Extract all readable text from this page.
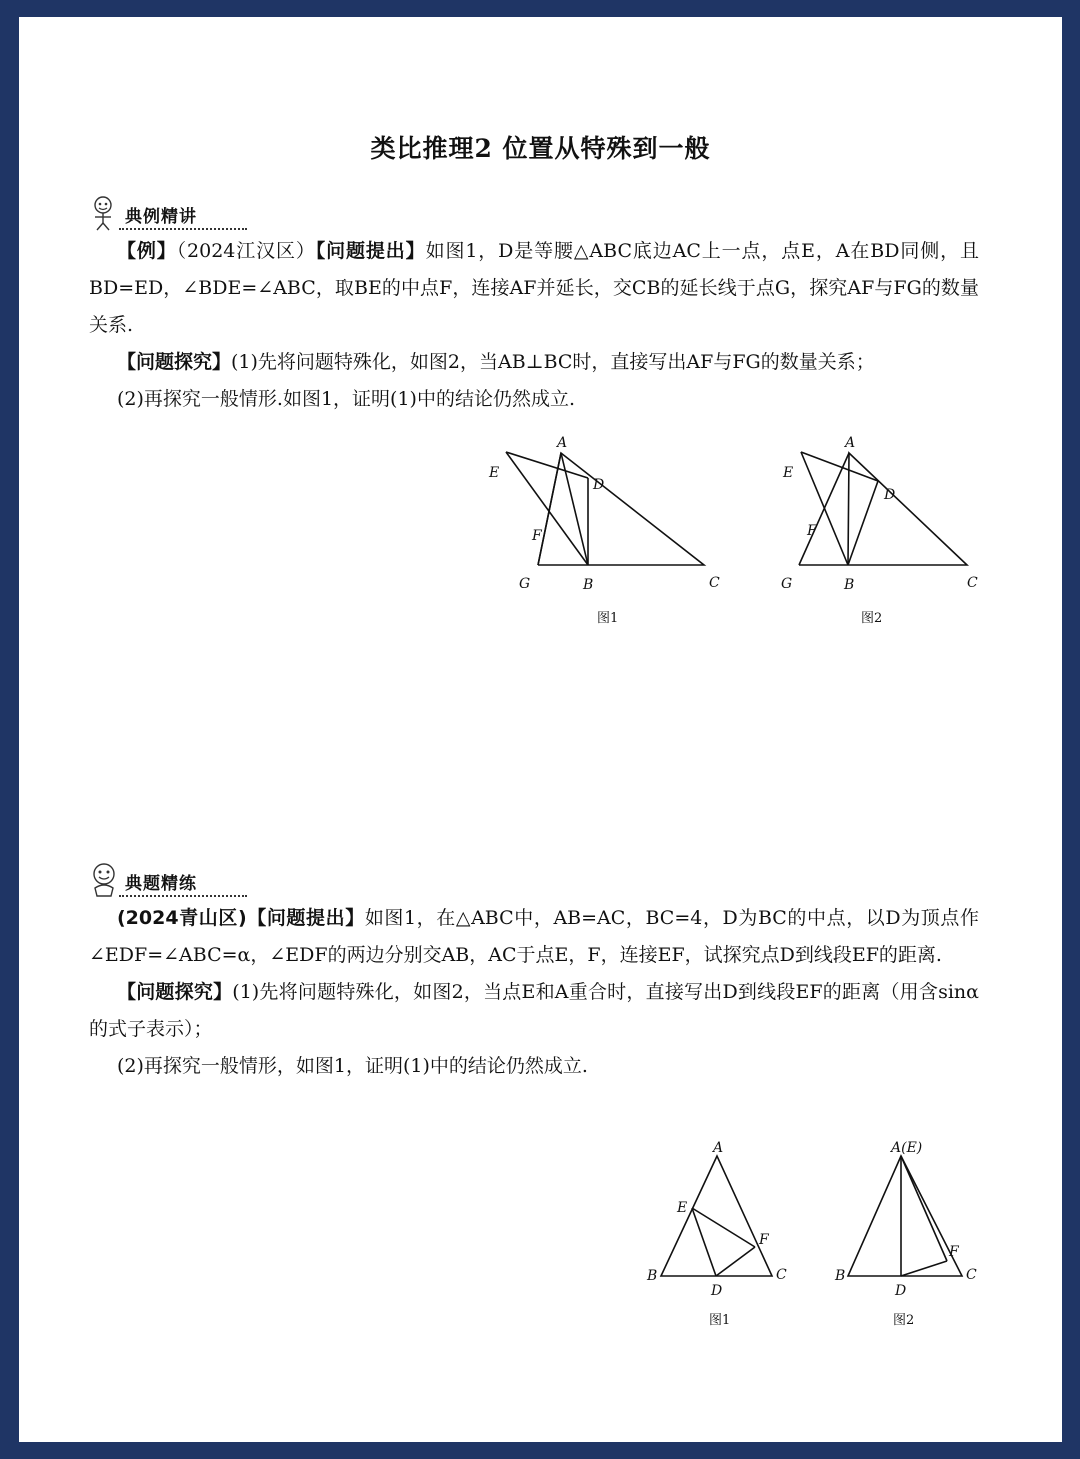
类比推理2 位置从特殊到一般
典例精讲

【例】（2024江汉区）【问题提出】如图1，D是等腰△ABC底边AC上一点，点E，A在BD同侧，且BD=ED，∠BDE=∠ABC，取BE的中点F，连接AF并延长，交CB的延长线于点G，探究AF与FG的数量关系.

【问题探究】(1)先将问题特殊化，如图2，当AB⊥BC时，直接写出AF与FG的数量关系；

(2)再探究一般情形.如图1，证明(1)中的结论仍然成立.

A
B	C
D
E
F
G
图1
A
B	C
D
E
F
G
图2
典题精练

(2024青山区)【问题提出】如图1，在△ABC中，AB=AC，BC=4，D为BC的中点，以D为顶点作∠EDF=∠ABC=α，∠EDF的两边分别交AB，AC于点E，F，连接EF，试探究点D到线段EF的距离.

【问题探究】(1)先将问题特殊化，如图2，当点E和A重合时，直接写出D到线段EF的距离（用含sinα的式子表示）；

(2)再探究一般情形，如图1，证明(1)中的结论仍然成立.

A
B	C
D
E
F
图1
A(E)
B	C
D
F
图2
